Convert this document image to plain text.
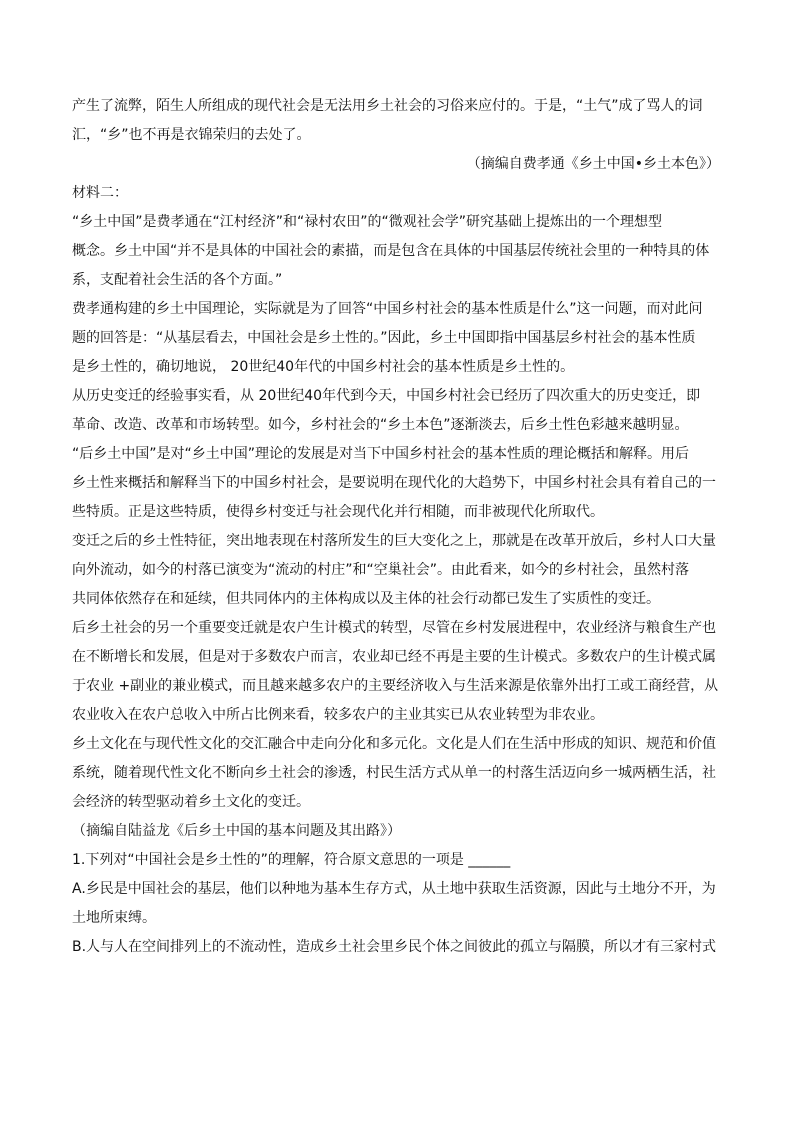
产生了流弊，陌生人所组成的现代社会是无法用乡土社会的习俗来应付的。于是，“土气”成了骂人的词
汇，“乡”也不再是衣锦荣归的去处了。
（摘编自费孝通《乡土中国•乡土本色》）
材料二：
“乡土中国”是费孝通在“江村经济”和“禄村农田”的“微观社会学”研究基础上提炼出的一个理想型
概念。乡土中国“并不是具体的中国社会的素描，而是包含在具体的中国基层传统社会里的一种特具的体
系，支配着社会生活的各个方面。”
费孝通构建的乡土中国理论，实际就是为了回答“中国乡村社会的基本性质是什么”这一问题，而对此问
题的回答是：“从基层看去，中国社会是乡土性的。”因此，乡土中国即指中国基层乡村社会的基本性质
是乡土性的，确切地说， 20世纪40年代的中国乡村社会的基本性质是乡土性的。
从历史变迁的经验事实看，从 20世纪40年代到今天，中国乡村社会已经历了四次重大的历史变迁，即
革命、改造、改革和市场转型。如今，乡村社会的“乡土本色”逐渐淡去，后乡土性色彩越来越明显。
“后乡土中国”是对“乡土中国”理论的发展是对当下中国乡村社会的基本性质的理论概括和解释。用后
乡土性来概括和解释当下的中国乡村社会，是要说明在现代化的大趋势下，中国乡村社会具有着自己的一
些特质。正是这些特质，使得乡村变迁与社会现代化并行相随，而非被现代化所取代。
变迁之后的乡土性特征，突出地表现在村落所发生的巨大变化之上，那就是在改革开放后，乡村人口大量
向外流动，如今的村落已演变为“流动的村庄”和“空巢社会”。由此看来，如今的乡村社会，虽然村落
共同体依然存在和延续，但共同体内的主体构成以及主体的社会行动都已发生了实质性的变迁。
后乡土社会的另一个重要变迁就是农户生计模式的转型，尽管在乡村发展进程中，农业经济与粮食生产也
在不断增长和发展，但是对于多数农户而言，农业却已经不再是主要的生计模式。多数农户的生计模式属
于农业 +副业的兼业模式，而且越来越多农户的主要经济收入与生活来源是依靠外出打工或工商经营，从
农业收入在农户总收入中所占比例来看，较多农户的主业其实已从农业转型为非农业。
乡土文化在与现代性文化的交汇融合中走向分化和多元化。文化是人们在生活中形成的知识、规范和价值
系统，随着现代性文化不断向乡土社会的渗透，村民生活方式从单一的村落生活迈向乡一城两栖生活，社
会经济的转型驱动着乡土文化的变迁。
（摘编自陆益龙《后乡土中国的基本问题及其出路》）
1.下列对“中国社会是乡土性的”的理解，符合原文意思的一项是 ______
A.乡民是中国社会的基层，他们以种地为基本生存方式，从土地中获取生活资源，因此与土地分不开，为
土地所束缚。
B.人与人在空间排列上的不流动性，造成乡土社会里乡民个体之间彼此的孤立与隔膜，所以才有三家村式
